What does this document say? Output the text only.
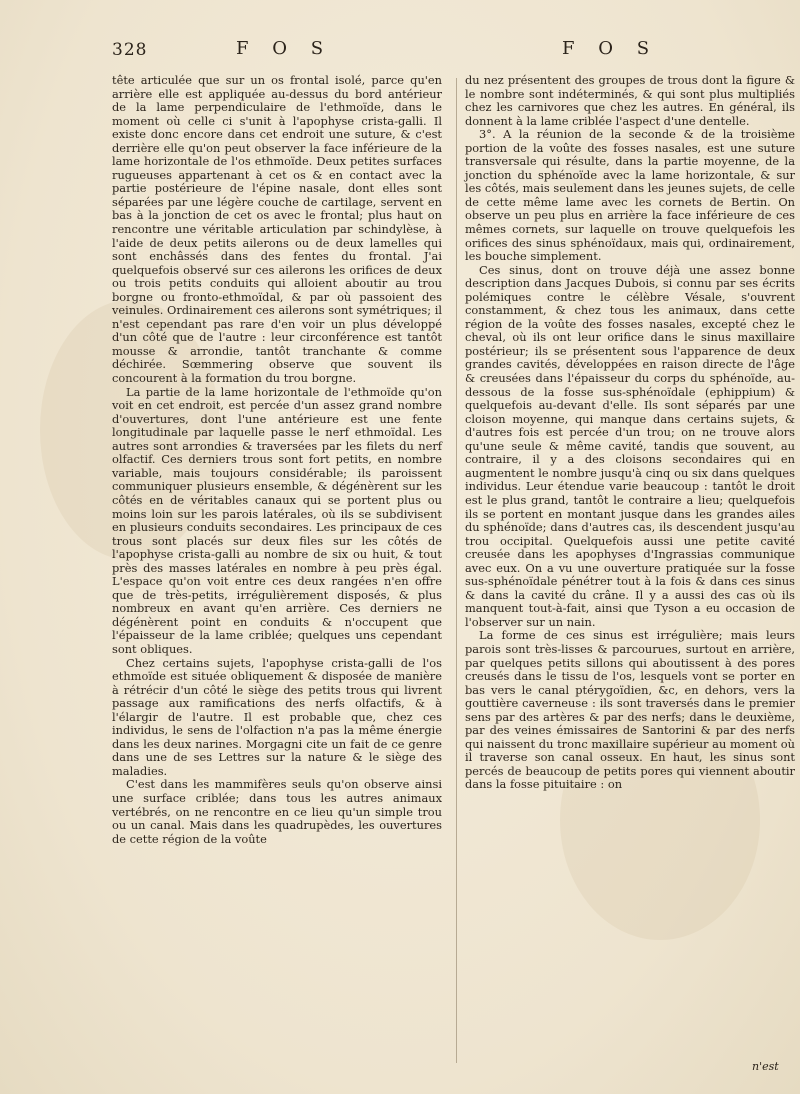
328	F O S	F O S

tête articulée que sur un os frontal isolé, parce qu'en arrière elle est appliquée au-dessus du bord antérieur de la lame perpendiculaire de l'ethmoïde, dans le moment où celle ci s'unit à l'apophyse crista-galli. Il existe donc encore dans cet endroit une suture, & c'est derrière elle qu'on peut observer la face inférieure de la lame horizontale de l'os ethmoïde. Deux petites surfaces rugueuses appartenant à cet os & en contact avec la partie postérieure de l'épine nasale, dont elles sont séparées par une légère couche de cartilage, servent en bas à la jonction de cet os avec le frontal; plus haut on rencontre une véritable articulation par schindylèse, à l'aide de deux petits ailerons ou de deux lamelles qui sont enchâssés dans des fentes du frontal. J'ai quelquefois observé sur ces ailerons les orifices de deux ou trois petits conduits qui alloient aboutir au trou borgne ou fronto-ethmoïdal, & par où passoient des veinules. Ordinairement ces ailerons sont symétriques; il n'est cependant pas rare d'en voir un plus développé d'un côté que de l'autre : leur circonférence est tantôt mousse & arrondie, tantôt tranchante & comme déchirée. Sœmmering observe que souvent ils concourent à la formation du trou borgne.

La partie de la lame horizontale de l'ethmoïde qu'on voit en cet endroit, est percée d'un assez grand nombre d'ouvertures, dont l'une antérieure est une fente longitudinale par laquelle passe le nerf ethmoïdal. Les autres sont arrondies & traversées par les filets du nerf olfactif. Ces derniers trous sont fort petits, en nombre variable, mais toujours considérable; ils paroissent communiquer plusieurs ensemble, & dégénèrent sur les côtés en de véritables canaux qui se portent plus ou moins loin sur les parois latérales, où ils se subdivisent en plusieurs conduits secondaires. Les principaux de ces trous sont placés sur deux files sur les côtés de l'apophyse crista-galli au nombre de six ou huit, & tout près des masses latérales en nombre à peu près égal. L'espace qu'on voit entre ces deux rangées n'en offre que de très-petits, irrégulièrement disposés, & plus nombreux en avant qu'en arrière. Ces derniers ne dégénèrent point en conduits & n'occupent que l'épaisseur de la lame criblée; quelques uns cependant sont obliques.

Chez certains sujets, l'apophyse crista-galli de l'os ethmoïde est située obliquement & disposée de manière à rétrécir d'un côté le siège des petits trous qui livrent passage aux ramifications des nerfs olfactifs, & à l'élargir de l'autre. Il est probable que, chez ces individus, le sens de l'olfaction n'a pas la même énergie dans les deux narines. Morgagni cite un fait de ce genre dans une de ses Lettres sur la nature & le siège des maladies.

C'est dans les mammifères seuls qu'on observe ainsi une surface criblée; dans tous les autres animaux vertébrés, on ne rencontre en ce lieu qu'un simple trou ou un canal. Mais dans les quadrupèdes, les ouvertures de cette région de la voûte

du nez présentent des groupes de trous dont la figure & le nombre sont indéterminés, & qui sont plus multipliés chez les carnivores que chez les autres. En général, ils donnent à la lame criblée l'aspect d'une dentelle.

3°. A la réunion de la seconde & de la troisième portion de la voûte des fosses nasales, est une suture transversale qui résulte, dans la partie moyenne, de la jonction du sphénoïde avec la lame horizontale, & sur les côtés, mais seulement dans les jeunes sujets, de celle de cette même lame avec les cornets de Bertin. On observe un peu plus en arrière la face inférieure de ces mêmes cornets, sur laquelle on trouve quelquefois les orifices des sinus sphénoïdaux, mais qui, ordinairement, les bouche simplement.

Ces sinus, dont on trouve déjà une assez bonne description dans Jacques Dubois, si connu par ses écrits polémiques contre le célèbre Vésale, s'ouvrent constamment, & chez tous les animaux, dans cette région de la voûte des fosses nasales, excepté chez le cheval, où ils ont leur orifice dans le sinus maxillaire postérieur; ils se présentent sous l'apparence de deux grandes cavités, développées en raison directe de l'âge & creusées dans l'épaisseur du corps du sphénoïde, au-dessous de la fosse sus-sphénoïdale (ephippium) & quelquefois au-devant d'elle. Ils sont séparés par une cloison moyenne, qui manque dans certains sujets, & d'autres fois est percée d'un trou; on ne trouve alors qu'une seule & même cavité, tandis que souvent, au contraire, il y a des cloisons secondaires qui en augmentent le nombre jusqu'à cinq ou six dans quelques individus. Leur étendue varie beaucoup : tantôt le droit est le plus grand, tantôt le contraire a lieu; quelquefois ils se portent en montant jusque dans les grandes ailes du sphénoïde; dans d'autres cas, ils descendent jusqu'au trou occipital. Quelquefois aussi une petite cavité creusée dans les apophyses d'Ingrassias communique avec eux. On a vu une ouverture pratiquée sur la fosse sus-sphénoïdale pénétrer tout à la fois & dans ces sinus & dans la cavité du crâne. Il y a aussi des cas où ils manquent tout-à-fait, ainsi que Tyson a eu occasion de l'observer sur un nain.

La forme de ces sinus est irrégulière; mais leurs parois sont très-lisses & parcourues, surtout en arrière, par quelques petits sillons qui aboutissent à des pores creusés dans le tissu de l'os, lesquels vont se porter en bas vers le canal ptérygoïdien, &c, en dehors, vers la gouttière caverneuse : ils sont traversés dans le premier sens par des artères & par des nerfs; dans le deuxième, par des veines émissaires de Santorini & par des nerfs qui naissent du tronc maxillaire supérieur au moment où il traverse son canal osseux. En haut, les sinus sont percés de beaucoup de petits pores qui viennent aboutir dans la fosse pituitaire : on

n'est
